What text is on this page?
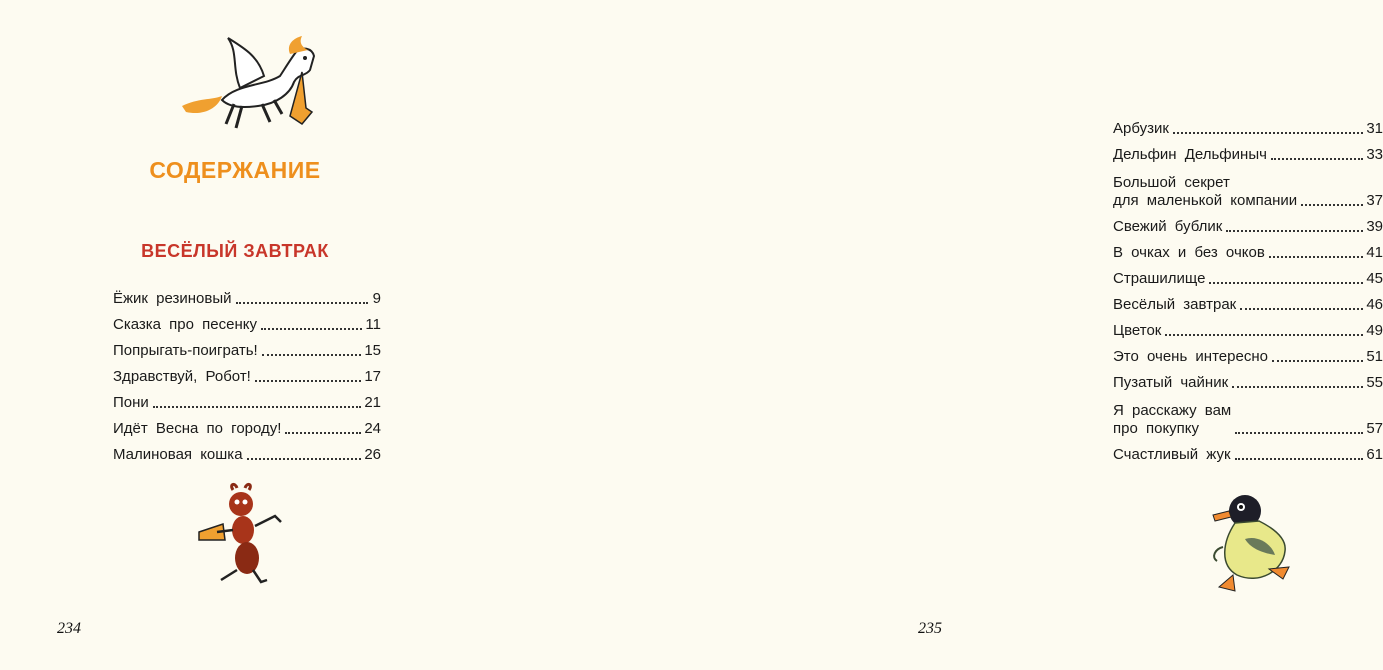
СОДЕРЖАНИЕ
ВЕСЁЛЫЙ ЗАВТРАК
Ёжик резиновый	9
Сказка про песенку	11
Попрыгать-поиграть!	15
Здравствуй, Робот!	17
Пони	21
Идёт Весна по городу!	24
Малиновая кошка	26
234
Арбузик	31
Дельфин Дельфиныч	33
Большой секрет
для маленькой компании	37
Свежий бублик	39
В очках и без очков	41
Страшилище	45
Весёлый завтрак	46
Цветок	49
Это очень интересно	51
Пузатый чайник	55
Я расскажу вам
про покупку	57
Счастливый жук	61
235
